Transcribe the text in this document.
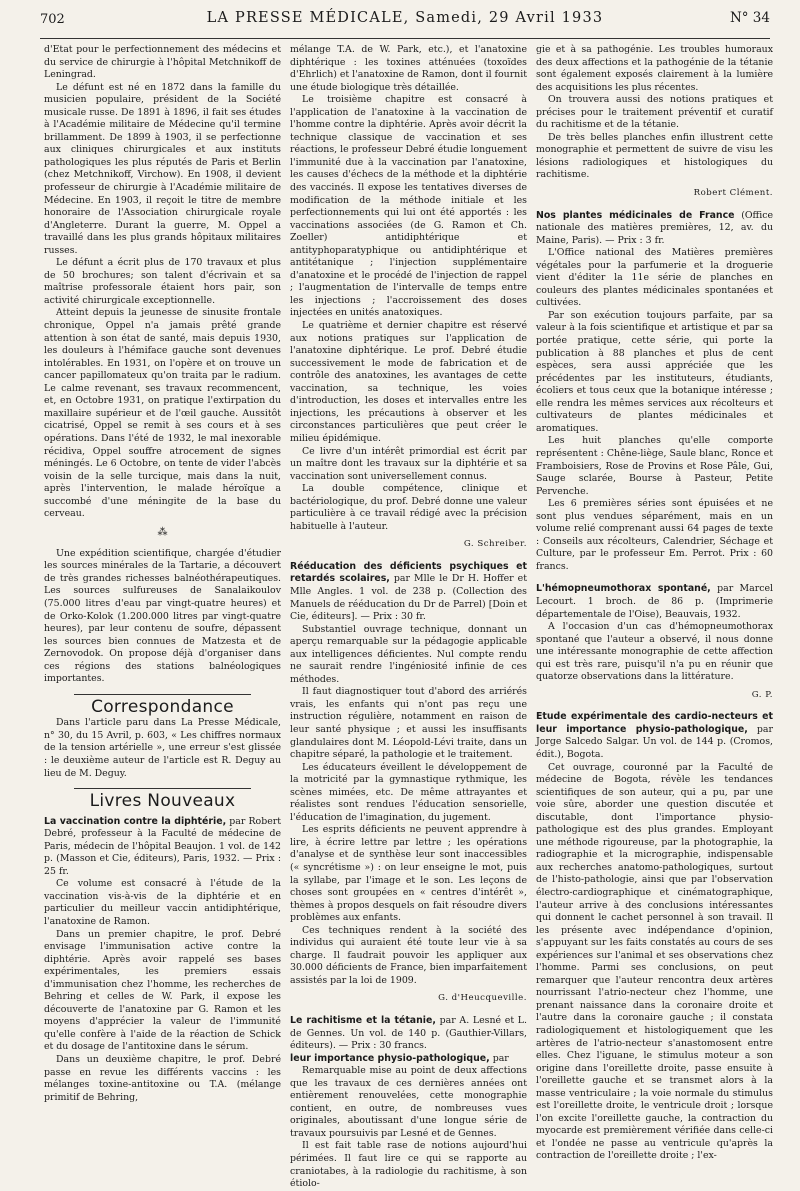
702	LA PRESSE MÉDICALE, Samedi, 29 Avril 1933	N° 34

d'Etat pour le perfectionnement des médecins et du service de chirurgie à l'hôpital Metchnikoff de Leningrad.

Le défunt est né en 1872 dans la famille du musicien populaire, président de la Société musicale russe. De 1891 à 1896, il fait ses études à l'Académie militaire de Médecine qu'il termine brillamment. De 1899 à 1903, il se perfectionne aux cliniques chirurgicales et aux instituts pathologiques les plus réputés de Paris et Berlin (chez Metchnikoff, Virchow). En 1908, il devient professeur de chirurgie à l'Académie militaire de Médecine. En 1903, il reçoit le titre de membre honoraire de l'Association chirurgicale royale d'Angleterre. Durant la guerre, M. Oppel a travaillé dans les plus grands hôpitaux militaires russes.

Le défunt a écrit plus de 170 travaux et plus de 50 brochures; son talent d'écrivain et sa maîtrise professorale étaient hors pair, son activité chirurgicale exceptionnelle.

Atteint depuis la jeunesse de sinusite frontale chronique, Oppel n'a jamais prêté grande attention à son état de santé, mais depuis 1930, les douleurs à l'hémiface gauche sont devenues intolérables. En 1931, on l'opère et on trouve un cancer papillomateux qu'on traita par le radium. Le calme revenant, ses travaux recommencent, et, en Octobre 1931, on pratique l'extirpation du maxillaire supérieur et de l'œil gauche. Aussitôt cicatrisé, Oppel se remit à ses cours et à ses opérations. Dans l'été de 1932, le mal inexorable récidiva, Oppel souffre atrocement de signes méningés. Le 6 Octobre, on tente de vider l'abcès voisin de la selle turcique, mais dans la nuit, après l'intervention, le malade héroïque a succombé d'une méningite de la base du cerveau.

⁂

Une expédition scientifique, chargée d'étudier les sources minérales de la Tartarie, a découvert de très grandes richesses balnéothérapeutiques. Les sources sulfureuses de Sanalaikoulov (75.000 litres d'eau par vingt-quatre heures) et de Orko-Kolok (1.200.000 litres par vingt-quatre heures), par leur contenu de soufre, dépassent les sources bien connues de Matzesta et de Zernovodok. On propose déjà d'organiser dans ces régions des stations balnéologiques importantes.

Correspondance

Dans l'article paru dans La Presse Médicale, n° 30, du 15 Avril, p. 603, « Les chiffres normaux de la tension artérielle », une erreur s'est glissée : le deuxième auteur de l'article est R. Deguy au lieu de M. Deguy.

Livres Nouveaux

La vaccination contre la diphtérie, par Robert Debré, professeur à la Faculté de médecine de Paris, médecin de l'hôpital Beaujon. 1 vol. de 142 p. (Masson et Cie, éditeurs), Paris, 1932. — Prix : 25 fr.

Ce volume est consacré à l'étude de la vaccination vis-à-vis de la diphtérie et en particulier du meilleur vaccin antidiphtérique, l'anatoxine de Ramon.

Dans un premier chapitre, le prof. Debré envisage l'immunisation active contre la diphtérie. Après avoir rappelé ses bases expérimentales, les premiers essais d'immunisation chez l'homme, les recherches de Behring et celles de W. Park, il expose les découverte de l'anatoxine par G. Ramon et les moyens d'apprécier la valeur de l'immunité qu'elle confère à l'aide de la réaction de Schick et du dosage de l'antitoxine dans le sérum.

Dans un deuxième chapitre, le prof. Debré passe en revue les différents vaccins : les mélanges toxine-antitoxine ou T.A. (mélange primitif de Behring,

mélange T.A. de W. Park, etc.), et l'anatoxine diphtérique : les toxines atténuées (toxoïdes d'Ehrlich) et l'anatoxine de Ramon, dont il fournit une étude biologique très détaillée.

Le troisième chapitre est consacré à l'application de l'anatoxine à la vaccination de l'homme contre la diphtérie. Après avoir décrit la technique classique de vaccination et ses réactions, le professeur Debré étudie longuement l'immunité due à la vaccination par l'anatoxine, les causes d'échecs de la méthode et la diphtérie des vaccinés. Il expose les tentatives diverses de modification de la méthode initiale et les perfectionnements qui lui ont été apportés : les vaccinations associées (de G. Ramon et Ch. Zoeller) antidiphtérique et antityphoparatyphique ou antidiphtérique et antitétanique ; l'injection supplémentaire d'anatoxine et le procédé de l'injection de rappel ; l'augmentation de l'intervalle de temps entre les injections ; l'accroissement des doses injectées en unités anatoxiques.

Le quatrième et dernier chapitre est réservé aux notions pratiques sur l'application de l'anatoxine diphtérique. Le prof. Debré étudie successivement le mode de fabrication et de contrôle des anatoxines, les avantages de cette vaccination, sa technique, les voies d'introduction, les doses et intervalles entre les injections, les précautions à observer et les circonstances particulières que peut créer le milieu épidémique.

Ce livre d'un intérêt primordial est écrit par un maître dont les travaux sur la diphtérie et sa vaccination sont universellement connus.

La double compétence, clinique et bactériologique, du prof. Debré donne une valeur particulière à ce travail rédigé avec la précision habituelle à l'auteur.

G. Schreiber.

Rééducation des déficients psychiques et retardés scolaires, par Mlle le Dr H. Hoffer et Mlle Angles. 1 vol. de 238 p. (Collection des Manuels de rééducation du Dr de Parrel) [Doin et Cie, éditeurs]. — Prix : 30 fr.

Substantiel ouvrage technique, donnant un aperçu remarquable sur la pédagogie applicable aux intelligences déficientes. Nul compte rendu ne saurait rendre l'ingéniosité infinie de ces méthodes.

Il faut diagnostiquer tout d'abord des arriérés vrais, les enfants qui n'ont pas reçu une instruction régulière, notamment en raison de leur santé physique ; et aussi les insuffisants glandulaires dont M. Léopold-Lévi traite, dans un chapitre séparé, la pathologie et le traitement.

Les éducateurs éveillent le développement de la motricité par la gymnastique rythmique, les scènes mimées, etc. De même attrayantes et réalistes sont rendues l'éducation sensorielle, l'éducation de l'imagination, du jugement.

Les esprits déficients ne peuvent apprendre à lire, à écrire lettre par lettre ; les opérations d'analyse et de synthèse leur sont inaccessibles (« syncrétisme ») : on leur enseigne le mot, puis la syllabe, par l'image et le son. Les leçons de choses sont groupées en « centres d'intérêt », thèmes à propos desquels on fait résoudre divers problèmes aux enfants.

Ces techniques rendent à la société des individus qui auraient été toute leur vie à sa charge. Il faudrait pouvoir les appliquer aux 30.000 déficients de France, bien imparfaitement assistés par la loi de 1909.

G. d'Heucqueville.

Le rachitisme et la tétanie, par A. Lesné et L. de Gennes. Un vol. de 140 p. (Gauthier-Villars, éditeurs). — Prix : 30 francs.

leur importance physio-pathologique, par

Remarquable mise au point de deux affections que les travaux de ces dernières années ont entièrement renouvelées, cette monographie contient, en outre, de nombreuses vues originales, aboutissant d'une longue série de travaux poursuivis par Lesné et de Gennes.

Il est fait table rase de notions aujourd'hui périmées. Il faut lire ce qui se rapporte au craniotabes, à la radiologie du rachitisme, à son étiolo-

gie et à sa pathogénie. Les troubles humoraux des deux affections et la pathogénie de la tétanie sont également exposés clairement à la lumière des acquisitions les plus récentes.

On trouvera aussi des notions pratiques et précises pour le traitement préventif et curatif du rachitisme et de la tétanie.

De très belles planches enfin illustrent cette monographie et permettent de suivre de visu les lésions radiologiques et histologiques du rachitisme.

Robert Clément.

Nos plantes médicinales de France (Office nationale des matières premières, 12, av. du Maine, Paris). — Prix : 3 fr.

L'Office national des Matières premières végétales pour la parfumerie et la droguerie vient d'éditer la 11e série de planches en couleurs des plantes médicinales spontanées et cultivées.

Par son exécution toujours parfaite, par sa valeur à la fois scientifique et artistique et par sa portée pratique, cette série, qui porte la publication à 88 planches et plus de cent espèces, sera aussi appréciée que les précédentes par les instituteurs, étudiants, écoliers et tous ceux que la botanique intéresse ; elle rendra les mêmes services aux récolteurs et cultivateurs de plantes médicinales et aromatiques.

Les huit planches qu'elle comporte représentent : Chêne-liège, Saule blanc, Ronce et Framboisiers, Rose de Provins et Rose Pâle, Gui, Sauge sclarée, Bourse à Pasteur, Petite Pervenche.

Les 6 premières séries sont épuisées et ne sont plus vendues séparément, mais en un volume relié comprenant aussi 64 pages de texte : Conseils aux récolteurs, Calendrier, Séchage et Culture, par le professeur Em. Perrot. Prix : 60 francs.

L'hémopneumothorax spontané, par Marcel Lecourt. 1 broch. de 86 p. (Imprimerie départementale de l'Oise), Beauvais, 1932.

A l'occasion d'un cas d'hémopneumothorax spontané que l'auteur a observé, il nous donne une intéressante monographie de cette affection qui est très rare, puisqu'il n'a pu en réunir que quatorze observations dans la littérature.

G. P.

Etude expérimentale des cardio-necteurs et leur importance physio-pathologique, par Jorge Salcedo Salgar. Un vol. de 144 p. (Cromos, édit.), Bogota.

Cet ouvrage, couronné par la Faculté de médecine de Bogota, révèle les tendances scientifiques de son auteur, qui a pu, par une voie sûre, aborder une question discutée et discutable, dont l'importance physio-pathologique est des plus grandes. Employant une méthode rigoureuse, par la photographie, la radiographie et la micrographie, indispensable aux recherches anatomo-pathologiques, surtout de l'histo-pathologie, ainsi que par l'observation électro-cardiographique et cinématographique, l'auteur arrive à des conclusions intéressantes qui donnent le cachet personnel à son travail. Il les présente avec indépendance d'opinion, s'appuyant sur les faits constatés au cours de ses expériences sur l'animal et ses observations chez l'homme. Parmi ses conclusions, on peut remarquer que l'auteur rencontra deux artères nourrissant l'atrio-necteur chez l'homme, une prenant naissance dans la coronaire droite et l'autre dans la coronaire gauche ; il constata radiologiquement et histologiquement que les artères de l'atrio-necteur s'anastomosent entre elles. Chez l'iguane, le stimulus moteur a son origine dans l'oreillette droite, passe ensuite à l'oreillette gauche et se transmet alors à la masse ventriculaire ; la voie normale du stimulus est l'oreillette droite, le ventricule droit ; lorsque l'on excite l'oreillette gauche, la contraction du myocarde est premièrement vérifiée dans celle-ci et l'ondée ne passe au ventricule qu'après la contraction de l'oreillette droite ; l'ex-
